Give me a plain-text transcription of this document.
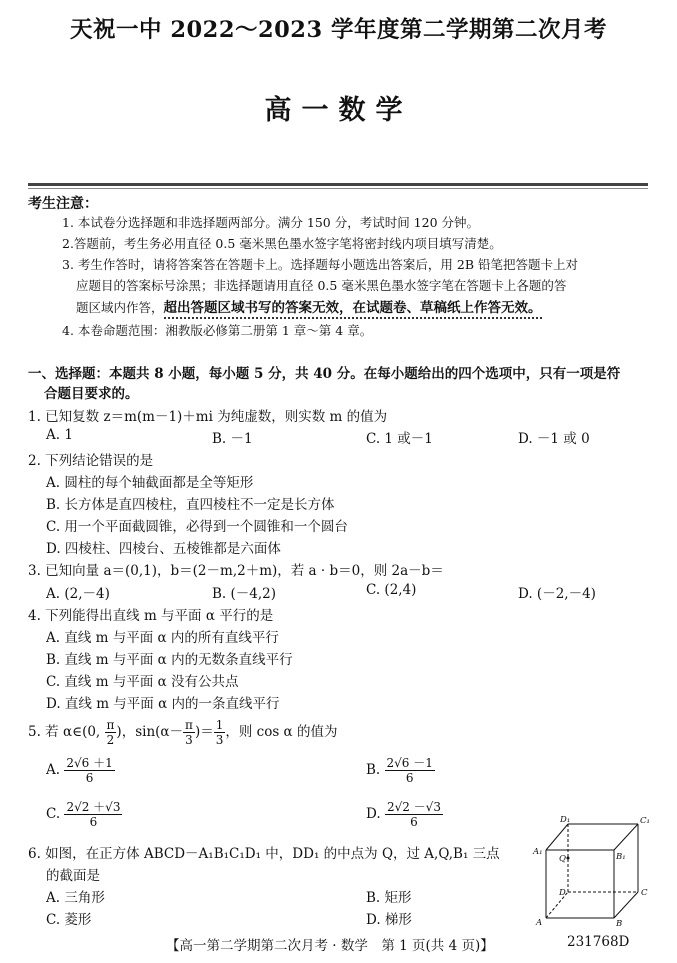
天祝一中 2022～2023 学年度第二学期第二次月考
高一数学
考生注意：
1. 本试卷分选择题和非选择题两部分。满分 150 分，考试时间 120 分钟。
2.答题前，考生务必用直径 0.5 毫米黑色墨水签字笔将密封线内项目填写清楚。
3. 考生作答时，请将答案答在答题卡上。选择题每小题选出答案后，用 2B 铅笔把答题卡上对
应题目的答案标号涂黑；非选择题请用直径 0.5 毫米黑色墨水签字笔在答题卡上各题的答
题区域内作答，超出答题区域书写的答案无效，在试题卷、草稿纸上作答无效。
4. 本卷命题范围：湘教版必修第二册第 1 章～第 4 章。
一、选择题：本题共 8 小题，每小题 5 分，共 40 分。在每小题给出的四个选项中，只有一项是符
合题目要求的。
1. 已知复数 z＝m(m－1)＋mi 为纯虚数，则实数 m 的值为
A. 1	B. －1	C. 1 或－1	D. －1 或 0
2. 下列结论错误的是
A. 圆柱的每个轴截面都是全等矩形
B. 长方体是直四棱柱，直四棱柱不一定是长方体
C. 用一个平面截圆锥，必得到一个圆锥和一个圆台
D. 四棱柱、四棱台、五棱锥都是六面体
3. 已知向量 a＝(0,1)，b＝(2－m,2＋m)，若 a · b＝0，则 2a－b＝
A. (2,－4)	B. (－4,2)	C. (2,4)	D. (－2,－4)
4. 下列能得出直线 m 与平面 α 平行的是
A. 直线 m 与平面 α 内的所有直线平行
B. 直线 m 与平面 α 内的无数条直线平行
C. 直线 m 与平面 α 没有公共点
D. 直线 m 与平面 α 内的一条直线平行
5. 若 α∈(0, $\frac{\pi}{2}$ )，$\sin(\alpha- \frac{\pi}{3}$ )＝ $\frac{1}{3}$ ，则 cos α 的值为
A. $\frac{2√6 +1}{6}$	B. $\frac{2√6 -1}{6}$
C. $\frac{2√2 +√3}{6}$	D. $\frac{2√2 -√3}{6}$
6. 如图，在正方体 ABCD－A₁B₁C₁D₁ 中，DD₁ 的中点为 Q，过 A,Q,B₁ 三点
的截面是
A. 三角形	B. 矩形
C. 菱形	D. 梯形
D₁	C₁
A₁	B₁
Q
D	C
A	B
【高一第二学期第二次月考 · 数学　第 1 页(共 4 页)】	231768D
